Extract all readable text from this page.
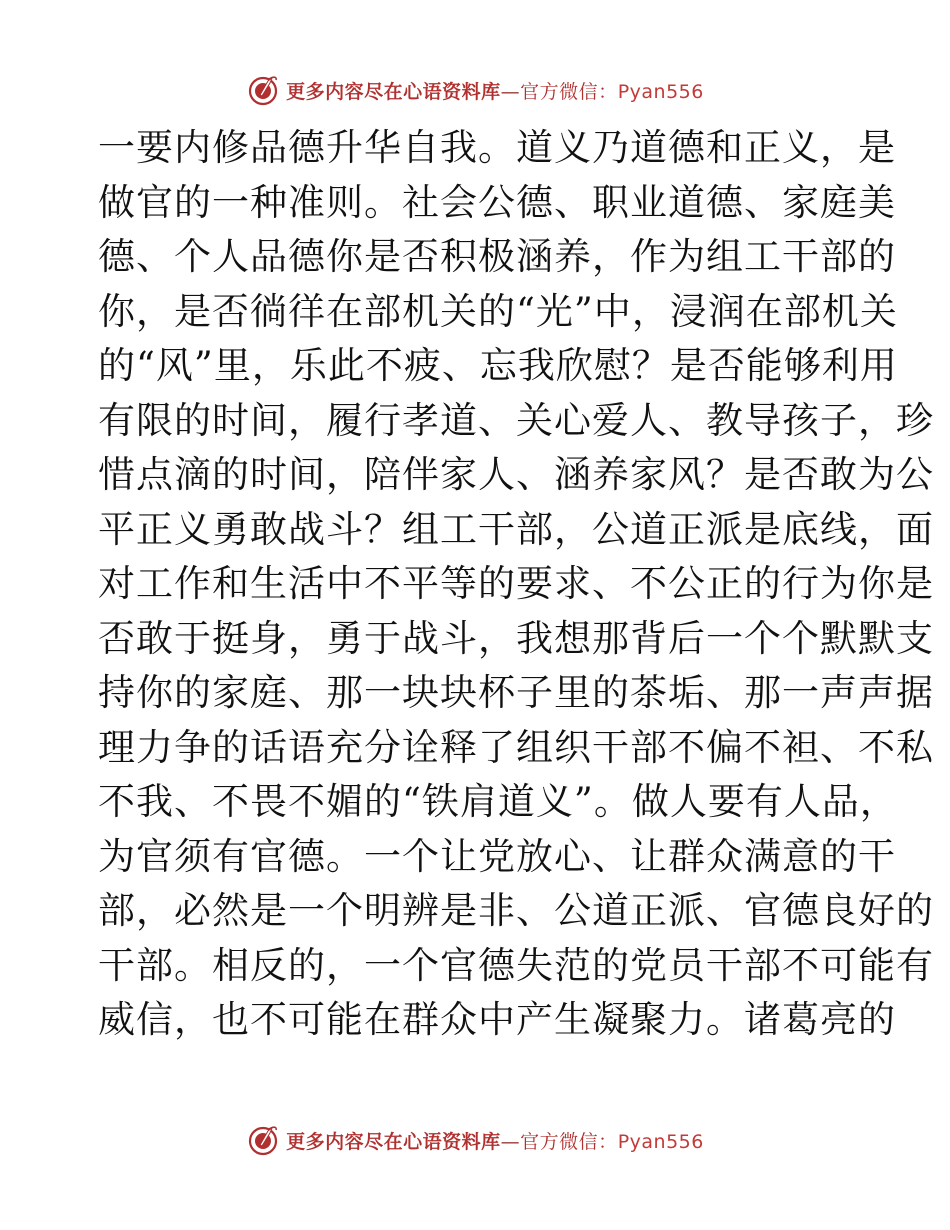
更多内容尽在心语资料库—官方微信：Pyan556
一要内修品德升华自我。道义乃道德和正义，是
做官的一种准则。社会公德、职业道德、家庭美
德、个人品德你是否积极涵养，作为组工干部的
你，是否徜徉在部机关的“光”中，浸润在部机关
的“风”里，乐此不疲、忘我欣慰？是否能够利用
有限的时间，履行孝道、关心爱人、教导孩子，珍
惜点滴的时间，陪伴家人、涵养家风？是否敢为公
平正义勇敢战斗？组工干部，公道正派是底线，面
对工作和生活中不平等的要求、不公正的行为你是
否敢于挺身，勇于战斗，我想那背后一个个默默支
持你的家庭、那一块块杯子里的茶垢、那一声声据
理力争的话语充分诠释了组织干部不偏不袒、不私
不我、不畏不媚的“铁肩道义”。做人要有人品，
为官须有官德。一个让党放心、让群众满意的干
部，必然是一个明辨是非、公道正派、官德良好的
干部。相反的，一个官德失范的党员干部不可能有
威信，也不可能在群众中产生凝聚力。诸葛亮的
更多内容尽在心语资料库—官方微信：Pyan556
